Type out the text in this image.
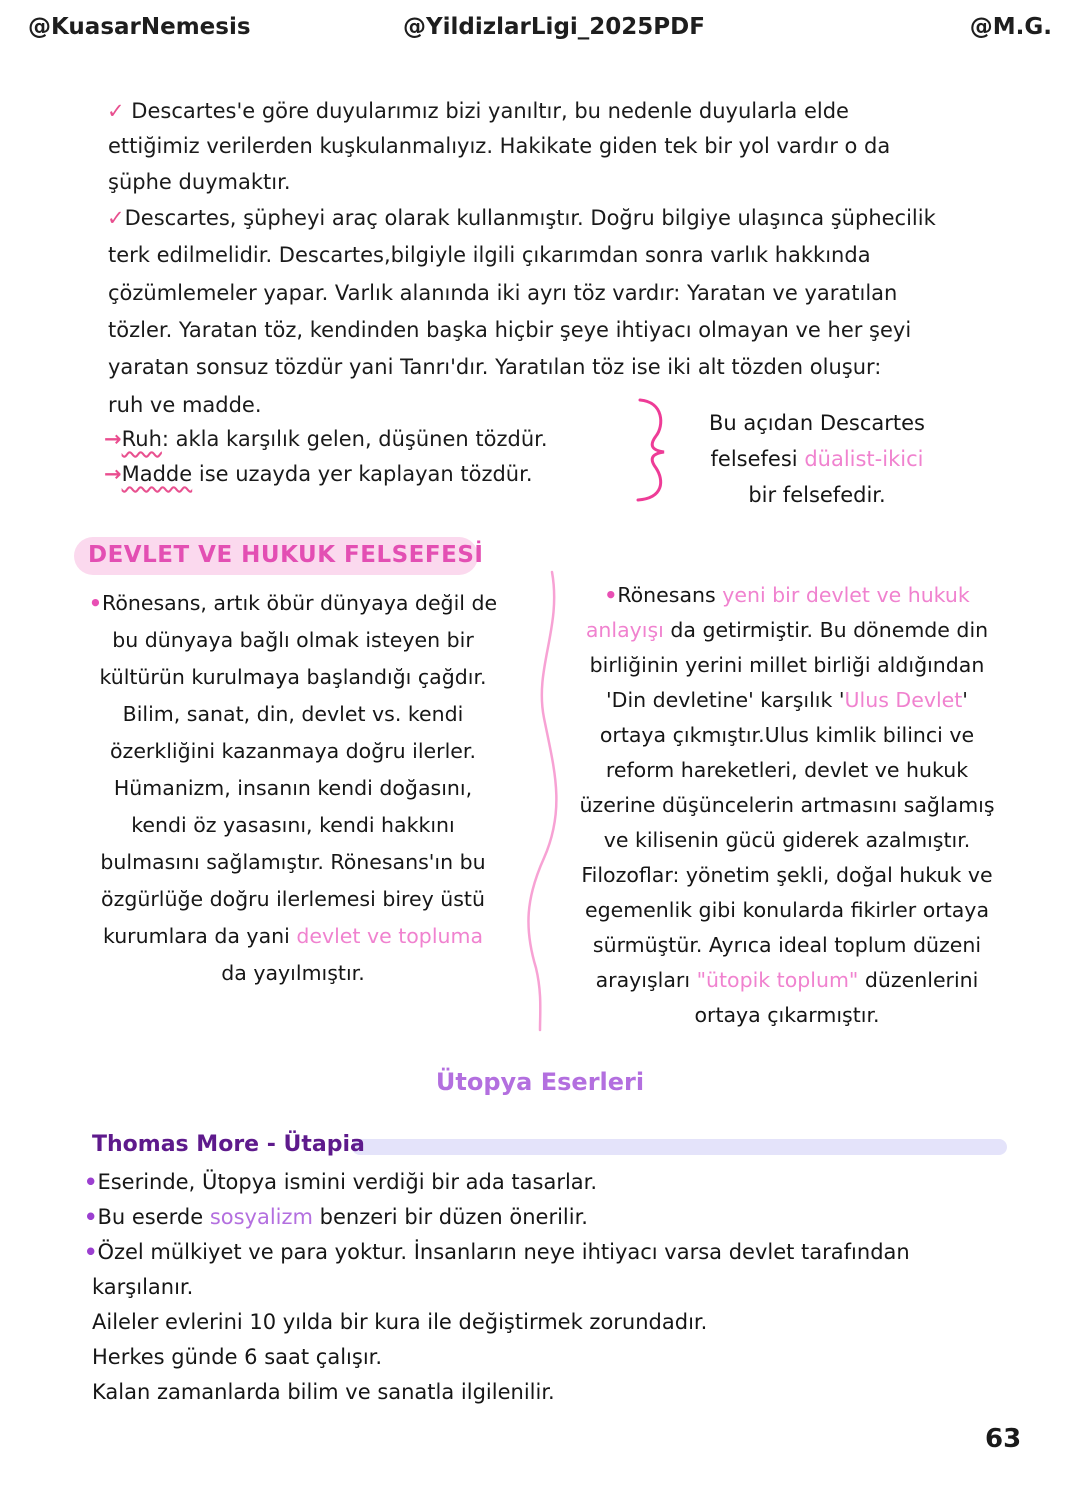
@KuasarNemesis	@YildizlarLigi_2025PDF	@M.G.
✓ Descartes'e göre duyularımız bizi yanıltır, bu nedenle duyularla elde
ettiğimiz verilerden kuşkulanmalıyız. Hakikate giden tek bir yol vardır o da
şüphe duymaktır.
✓Descartes, şüpheyi araç olarak kullanmıştır. Doğru bilgiye ulaşınca şüphecilik
terk edilmelidir. Descartes,bilgiyle ilgili çıkarımdan sonra varlık hakkında
çözümlemeler yapar. Varlık alanında iki ayrı töz vardır: Yaratan ve yaratılan
tözler. Yaratan töz, kendinden başka hiçbir şeye ihtiyacı olmayan ve her şeyi
yaratan sonsuz tözdür yani Tanrı'dır. Yaratılan töz ise iki alt tözden oluşur:
ruh ve madde.
→Ruh: akla karşılık gelen, düşünen tözdür.
→Madde ise uzayda yer kaplayan tözdür.
Bu açıdan Descartes
felsefesi düalist-ikici
bir felsefedir.
DEVLET VE HUKUK FELSEFESİ
•Rönesans, artık öbür dünyaya değil de
bu dünyaya bağlı olmak isteyen bir
kültürün kurulmaya başlandığı çağdır.
Bilim, sanat, din, devlet vs. kendi
özerkliğini kazanmaya doğru ilerler.
Hümanizm, insanın kendi doğasını,
kendi öz yasasını, kendi hakkını
bulmasını sağlamıştır. Rönesans'ın bu
özgürlüğe doğru ilerlemesi birey üstü
kurumlara da yani devlet ve topluma
da yayılmıştır.
•Rönesans yeni bir devlet ve hukuk
anlayışı da getirmiştir. Bu dönemde din
birliğinin yerini millet birliği aldığından
'Din devletine' karşılık 'Ulus Devlet'
ortaya çıkmıştır.Ulus kimlik bilinci ve
reform hareketleri, devlet ve hukuk
üzerine düşüncelerin artmasını sağlamış
ve kilisenin gücü giderek azalmıştır.
Filozoflar: yönetim şekli, doğal hukuk ve
egemenlik gibi konularda fikirler ortaya
sürmüştür. Ayrıca ideal toplum düzeni
arayışları "ütopik toplum" düzenlerini
ortaya çıkarmıştır.
Ütopya Eserleri
Thomas More - Ütapia
•Eserinde, Ütopya ismini verdiği bir ada tasarlar.
•Bu eserde sosyalizm benzeri bir düzen önerilir.
•Özel mülkiyet ve para yoktur. İnsanların neye ihtiyacı varsa devlet tarafından
karşılanır.
Aileler evlerini 10 yılda bir kura ile değiştirmek zorundadır.
Herkes günde 6 saat çalışır.
Kalan zamanlarda bilim ve sanatla ilgilenilir.
63
